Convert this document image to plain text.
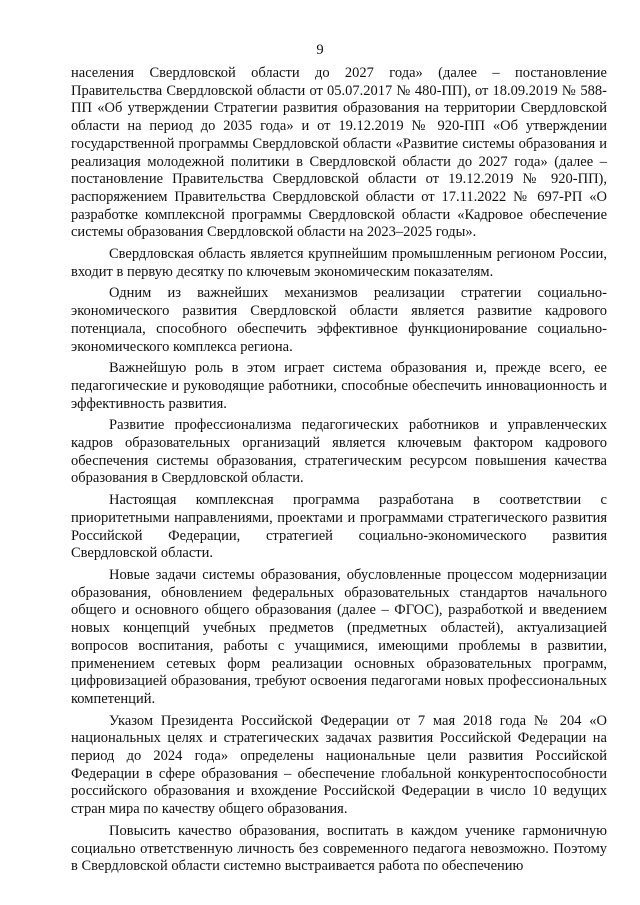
9

населения Свердловской области до 2027 года» (далее – постановление Правительства Свердловской области от 05.07.2017 № 480-ПП), от 18.09.2019 № 588-ПП «Об утверждении Стратегии развития образования на территории Свердловской области на период до 2035 года» и от 19.12.2019 № 920-ПП «Об утверждении государственной программы Свердловской области «Развитие системы образования и реализация молодежной политики в Свердловской области до 2027 года» (далее – постановление Правительства Свердловской области от 19.12.2019 № 920-ПП), распоряжением Правительства Свердловской области от 17.11.2022 № 697-РП «О разработке комплексной программы Свердловской области «Кадровое обеспечение системы образования Свердловской области на 2023–2025 годы».

Свердловская область является крупнейшим промышленным регионом России, входит в первую десятку по ключевым экономическим показателям.

Одним из важнейших механизмов реализации стратегии социально-экономического развития Свердловской области является развитие кадрового потенциала, способного обеспечить эффективное функционирование социально-экономического комплекса региона.

Важнейшую роль в этом играет система образования и, прежде всего, ее педагогические и руководящие работники, способные обеспечить инновационность и эффективность развития.

Развитие профессионализма педагогических работников и управленческих кадров образовательных организаций является ключевым фактором кадрового обеспечения системы образования, стратегическим ресурсом повышения качества образования в Свердловской области.

Настоящая комплексная программа разработана в соответствии с приоритетными направлениями, проектами и программами стратегического развития Российской Федерации, стратегией социально-экономического развития Свердловской области.

Новые задачи системы образования, обусловленные процессом модернизации образования, обновлением федеральных образовательных стандартов начального общего и основного общего образования (далее – ФГОС), разработкой и введением новых концепций учебных предметов (предметных областей), актуализацией вопросов воспитания, работы с учащимися, имеющими проблемы в развитии, применением сетевых форм реализации основных образовательных программ, цифровизацией образования, требуют освоения педагогами новых профессиональных компетенций.

Указом Президента Российской Федерации от 7 мая 2018 года № 204 «О национальных целях и стратегических задачах развития Российской Федерации на период до 2024 года» определены национальные цели развития Российской Федерации в сфере образования – обеспечение глобальной конкурентоспособности российского образования и вхождение Российской Федерации в число 10 ведущих стран мира по качеству общего образования.

Повысить качество образования, воспитать в каждом ученике гармоничную социально ответственную личность без современного педагога невозможно. Поэтому в Свердловской области системно выстраивается работа по обеспечению
